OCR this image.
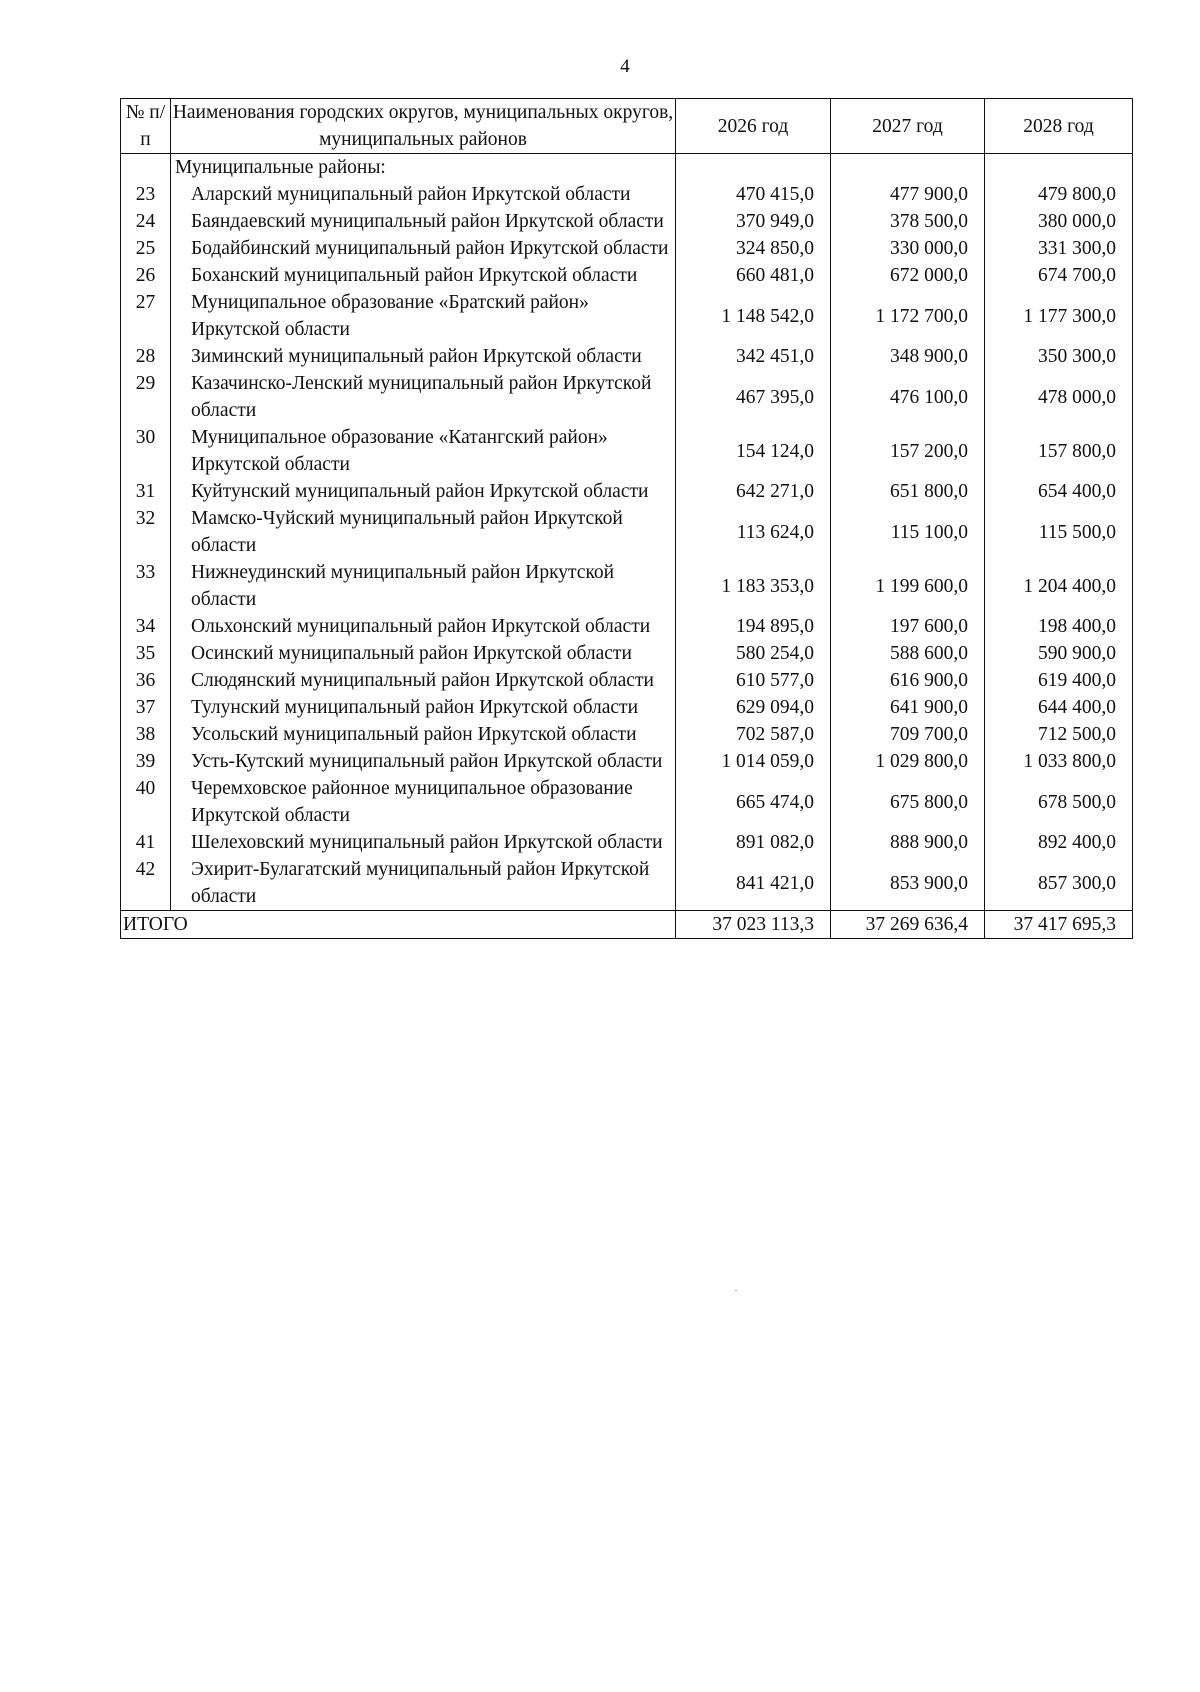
4
№ п/п	Наименования городских округов, муниципальных округов, муниципальных районов	2026 год	2027 год	2028 год
	Муниципальные районы:			
23	Аларский муниципальный район Иркутской области	470 415,0	477 900,0	479 800,0
24	Баяндаевский муниципальный район Иркутской области	370 949,0	378 500,0	380 000,0
25	Бодайбинский муниципальный район Иркутской области	324 850,0	330 000,0	331 300,0
26	Боханский муниципальный район Иркутской области	660 481,0	672 000,0	674 700,0
27	Муниципальное образование «Братский район» Иркутской области	1 148 542,0	1 172 700,0	1 177 300,0
28	Зиминский муниципальный район Иркутской области	342 451,0	348 900,0	350 300,0
29	Казачинско-Ленский муниципальный район Иркутской области	467 395,0	476 100,0	478 000,0
30	Муниципальное образование «Катангский район» Иркутской области	154 124,0	157 200,0	157 800,0
31	Куйтунский муниципальный район Иркутской области	642 271,0	651 800,0	654 400,0
32	Мамско-Чуйский муниципальный район Иркутской области	113 624,0	115 100,0	115 500,0
33	Нижнеудинский муниципальный район Иркутской области	1 183 353,0	1 199 600,0	1 204 400,0
34	Ольхонский муниципальный район Иркутской области	194 895,0	197 600,0	198 400,0
35	Осинский муниципальный район Иркутской области	580 254,0	588 600,0	590 900,0
36	Слюдянский муниципальный район Иркутской области	610 577,0	616 900,0	619 400,0
37	Тулунский муниципальный район Иркутской области	629 094,0	641 900,0	644 400,0
38	Усольский муниципальный район Иркутской области	702 587,0	709 700,0	712 500,0
39	Усть-Кутский муниципальный район Иркутской области	1 014 059,0	1 029 800,0	1 033 800,0
40	Черемховское районное муниципальное образование Иркутской области	665 474,0	675 800,0	678 500,0
41	Шелеховский муниципальный район Иркутской области	891 082,0	888 900,0	892 400,0
42	Эхирит-Булагатский муниципальный район Иркутской области	841 421,0	853 900,0	857 300,0
ИТОГО		37 023 113,3	37 269 636,4	37 417 695,3
